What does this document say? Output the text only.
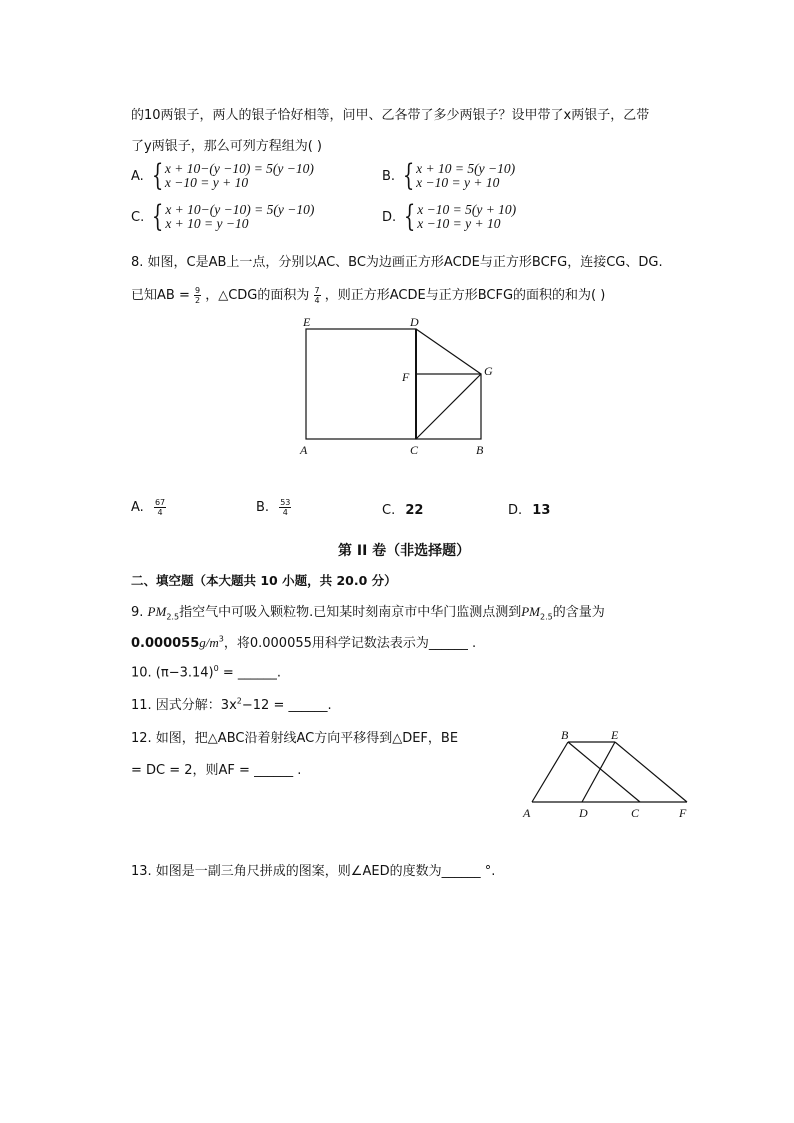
的10两银子，两人的银子恰好相等，问甲、乙各带了多少两银子？设甲带了x两银子，乙带
了y两银子，那么可列方程组为( )
A. { x + 10−(y −10) = 5(y −10)
x −10 = y + 10	B. { x + 10 = 5(y −10)
x −10 = y + 10
C. { x + 10−(y −10) = 5(y −10)
x + 10 = y −10	D. { x −10 = 5(y + 10)
x −10 = y + 10
8. 如图，C是AB上一点，分别以AC、BC为边画正方形ACDE与正方形BCFG，连接CG、DG.
已知AB = $\frac{9}{2}$ ，△CDG的面积为 $\frac{7}{4}$ ，则正方形ACDE与正方形BCFG的面积的和为( )
E	D
F	G
A	C	B
A. $\frac{67}{4}$	B. $\frac{53}{4}$	C. 22	D. 13
第 II 卷（非选择题）
二、填空题（本大题共 10 小题，共 20.0 分）
9. $PM_{2.5}$指空气中可吸入颗粒物.已知某时刻南京市中华门监测点测到$PM_{2.5}$的含量为
$0.000055g/m^3$，将0.000055用科学记数法表示为______ .
10. $(\pi-3.14)^0$ = ______.
11. 因式分解：$3x^2-12$ = ______.
12. 如图，把△ABC沿着射线AC方向平移得到△DEF，BE
= DC = 2，则AF = ______ .
B	E
A	D	C	F
13. 如图是一副三角尺拼成的图案，则∠AED的度数为______ °.
